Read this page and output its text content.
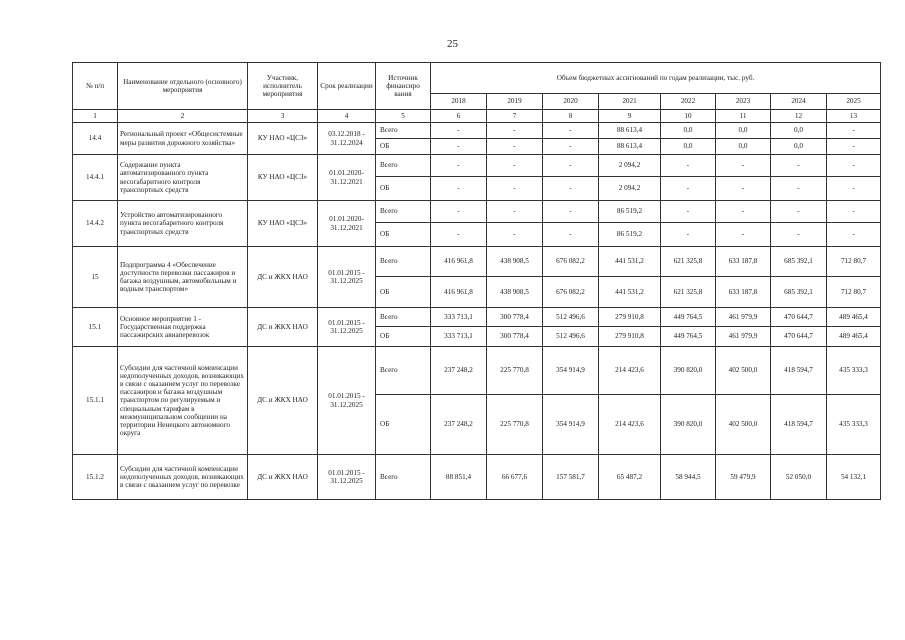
25
№ п/п	Наименование отдельного (основного) мероприятия	Участник, исполнитель мероприятия	Срок реализации	Источник финансиро вания	Объем бюджетных ассигнований по годам реализации, тыс. руб.							
					2018	2019	2020	2021	2022	2023	2024	2025
1	2	3	4	5	6	7	8	9	10	11	12	13
14.4	Региональный проект «Общесистемные меры развития дорожного хозяйства»	КУ НАО «ЦСЗ»	03.12.2018 - 31.12.2024	Всего	-	-	-	88 613,4	0,0	0,0	0,0	-
				ОБ	-	-	-	88 613,4	0,0	0,0	0,0	-
14.4.1	Содержание пункта автоматизированного пункта весогабаритного контроля транспортных средств	КУ НАО «ЦСЗ»	01.01.2020- 31.12.2021	Всего	-	-	-	2 094,2	-	-	-	-
				ОБ	-	-	-	2 094,2	-	-	-	-
14.4.2	Устройство автоматизированного пункта весогабаритного контроля транспортных средств	КУ НАО «ЦСЗ»	01.01.2020- 31.12.2021	Всего	-	-	-	86 519,2	-	-	-	-
				ОБ	-	-	-	86 519,2	-	-	-	-
15	Подпрограмма 4 «Обеспечение доступности перевозки пассажиров и багажа воздушным, автомобильным и водным транспортом»	ДС и ЖКХ НАО	01.01.2015 - 31.12.2025	Всего	416 961,8	438 908,5	676 082,2	441 531,2	621 325,8	633 187,8	685 392,1	712 80,7
				ОБ	416 961,8	438 908,5	676 082,2	441 531,2	621 325,8	633 187,8	685 392,1	712 80,7
15.1	Основное мероприятие 1 - Государственная поддержка пассажирских авиаперевозок	ДС и ЖКХ НАО	01.01.2015 - 31.12.2025	Всего	333 713,1	300 778,4	512 496,6	279 910,8	449 764,5	461 979,9	470 644,7	489 465,4
				ОБ	333 713,1	300 778,4	512 496,6	279 910,8	449 764,5	461 979,9	470 644,7	489 465,4
15.1.1	Субсидии для частичной компенсации недополученных доходов, возникающих в связи с оказанием услуг по перевозке пассажиров и багажа воздушным транспортом по регулируемым и специальным тарифам в межмуниципальном сообщении на территории Ненецкого автономного округа	ДС и ЖКХ НАО	01.01.2015 - 31.12.2025	Всего	237 248,2	225 770,8	354 914,9	214 423,6	390 820,0	402 500,0	418 594,7	435 333,3
				ОБ	237 248,2	225 770,8	354 914,9	214 423,6	390 820,0	402 500,0	418 594,7	435 333,3
15.1.2	Субсидии для частичной компенсации недополученных доходов, возникающих в связи с оказанием услуг по перевозке	ДС и ЖКХ НАО	01.01.2015 - 31.12.2025	Всего	88 851,4	66 677,6	157 581,7	65 487,2	58 944,5	59 479,9	52 050,0	54 132,1
